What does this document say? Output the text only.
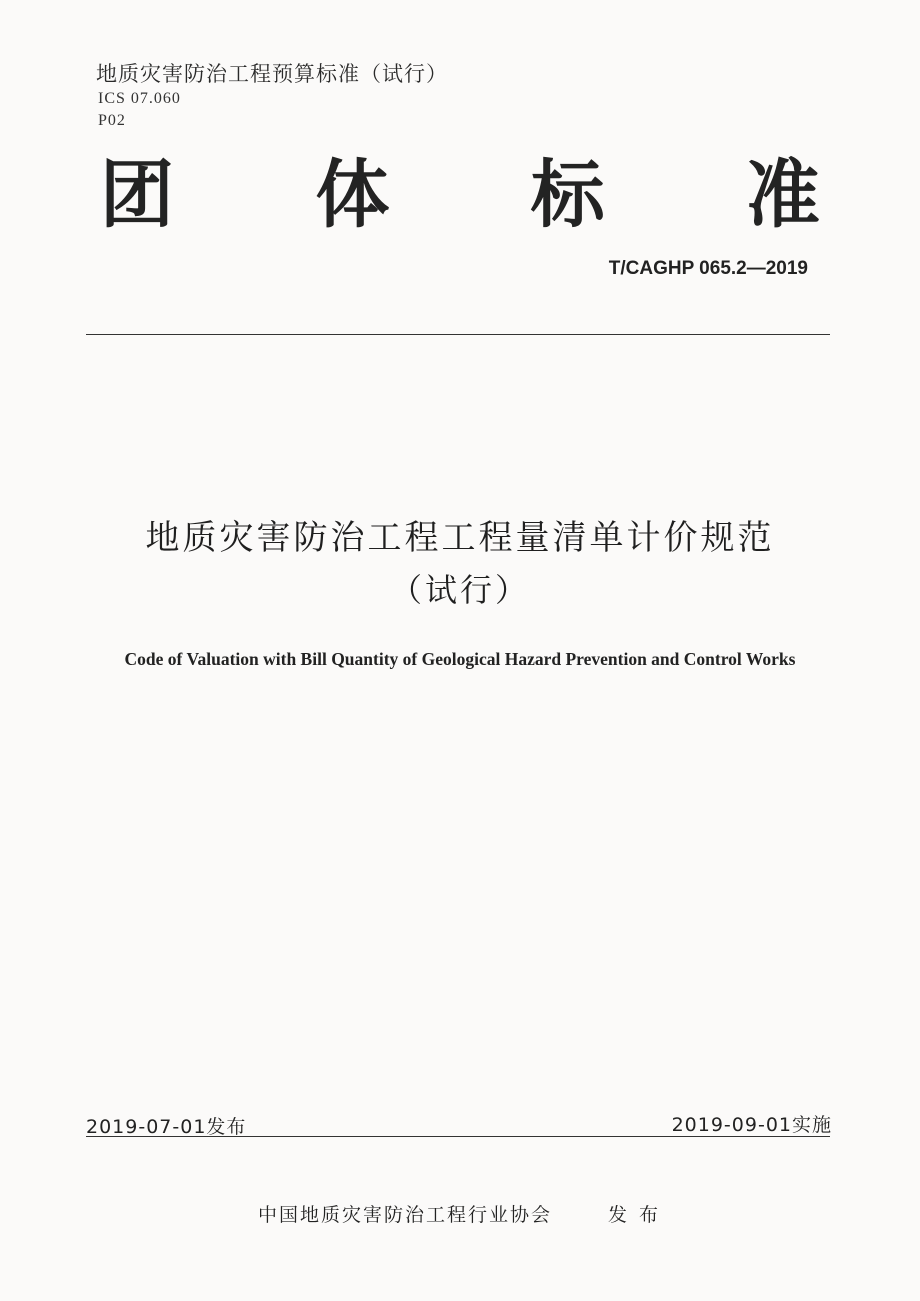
地质灾害防治工程预算标准（试行）
ICS 07.060
P02
团 体 标 准
T/CAGHP 065.2—2019
地质灾害防治工程工程量清单计价规范
（试行）
Code of Valuation with Bill Quantity of Geological Hazard Prevention and Control Works
2019-07-01发布	2019-09-01实施
中国地质灾害防治工程行业协会	发布
